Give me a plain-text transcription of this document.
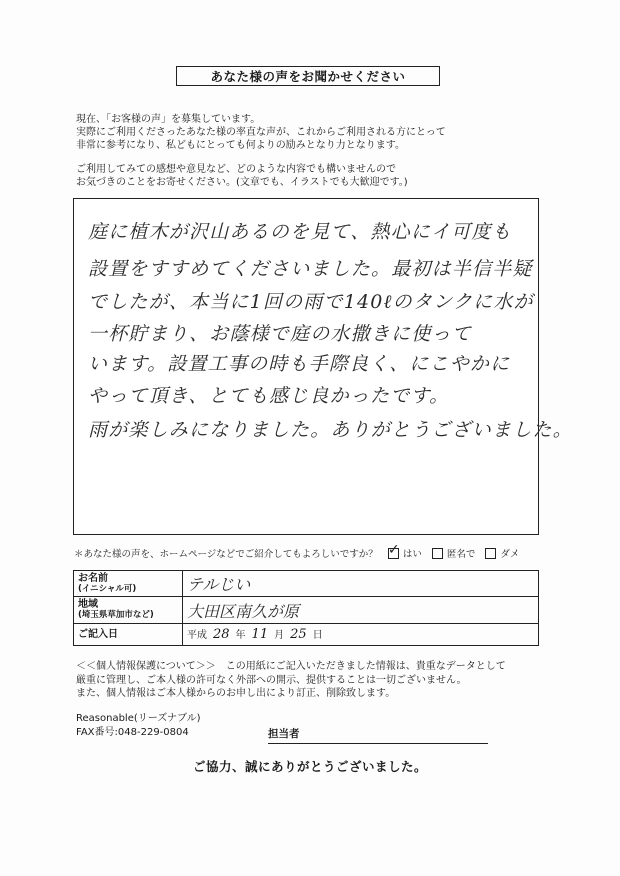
あなた様の声をお聞かせください
現在、「お客様の声」を募集しています。
実際にご利用くださったあなた様の率直な声が、これからご利用される方にとって
非常に参考になり、私どもにとっても何よりの励みとなり力となります。
ご利用してみての感想や意見など、どのような内容でも構いませんので
お気づきのことをお寄せください。(文章でも、イラストでも大歓迎です。)
庭に植木が沢山あるのを見て、熱心にイ可度も
設置をすすめてくださいました。最初は半信半疑
でしたが、本当に1回の雨で140ℓのタンクに水が
一杯貯まり、お蔭様で庭の水撒きに使って
います。設置工事の時も手際良く、にこやかに
やって頂き、とても感じ良かったです。
雨が楽しみになりました。ありがとうございました。
＊あなた様の声を、ホームページなどでご紹介してもよろしいですか？ ✓ はい	匿名で	ダメ
お名前
(イニシャル可)	テルじい

地域
(埼玉県草加市など)	大田区南久が原
ご記入日	平成 28 年 11 月 25 日
＜＜個人情報保護について＞＞　この用紙にご記入いただきました情報は、貴重なデータとして
厳重に管理し、ご本人様の許可なく外部への開示、提供することは一切ございません。
また、個人情報はご本人様からのお申し出により訂正、削除致します。
Reasonable(リーズナブル)
FAX番号:048-229-0804	担当者
ご協力、誠にありがとうございました。
